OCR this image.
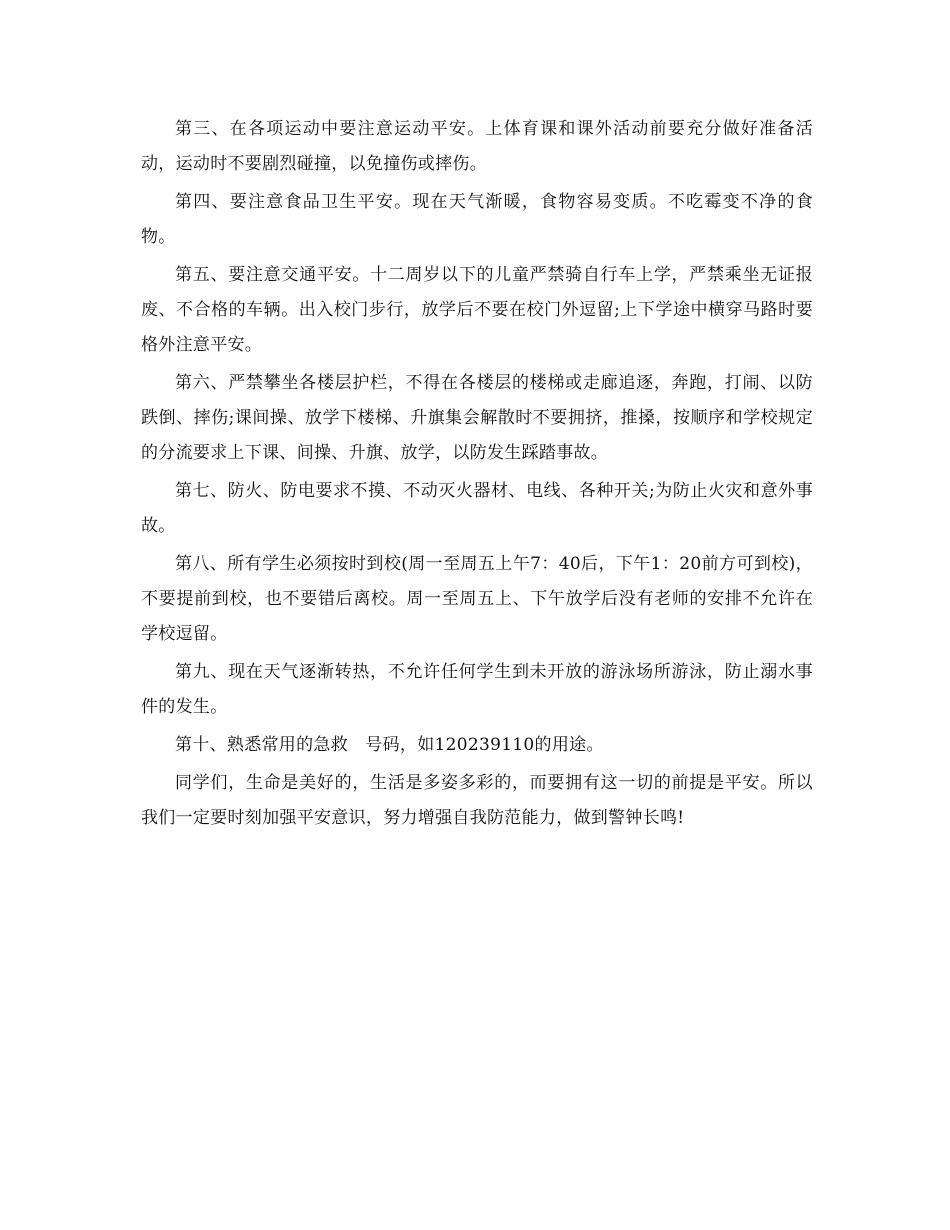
第三、在各项运动中要注意运动平安。上体育课和课外活动前要充分做好准备活动，运动时不要剧烈碰撞，以免撞伤或摔伤。

第四、要注意食品卫生平安。现在天气渐暖，食物容易变质。不吃霉变不净的食物。

第五、要注意交通平安。十二周岁以下的儿童严禁骑自行车上学，严禁乘坐无证报废、不合格的车辆。出入校门步行，放学后不要在校门外逗留;上下学途中横穿马路时要格外注意平安。

第六、严禁攀坐各楼层护栏，不得在各楼层的楼梯或走廊追逐，奔跑，打闹、以防跌倒、摔伤;课间操、放学下楼梯、升旗集会解散时不要拥挤，推搡，按顺序和学校规定的分流要求上下课、间操、升旗、放学，以防发生踩踏事故。

第七、防火、防电要求不摸、不动灭火器材、电线、各种开关;为防止火灾和意外事故。

第八、所有学生必须按时到校(周一至周五上午7：40后，下午1：20前方可到校)，不要提前到校，也不要错后离校。周一至周五上、下午放学后没有老师的安排不允许在学校逗留。

第九、现在天气逐渐转热，不允许任何学生到未开放的游泳场所游泳，防止溺水事件的发生。

第十、熟悉常用的急救　号码，如120239110的用途。

同学们，生命是美好的，生活是多姿多彩的，而要拥有这一切的前提是平安。所以我们一定要时刻加强平安意识，努力增强自我防范能力，做到警钟长鸣!
